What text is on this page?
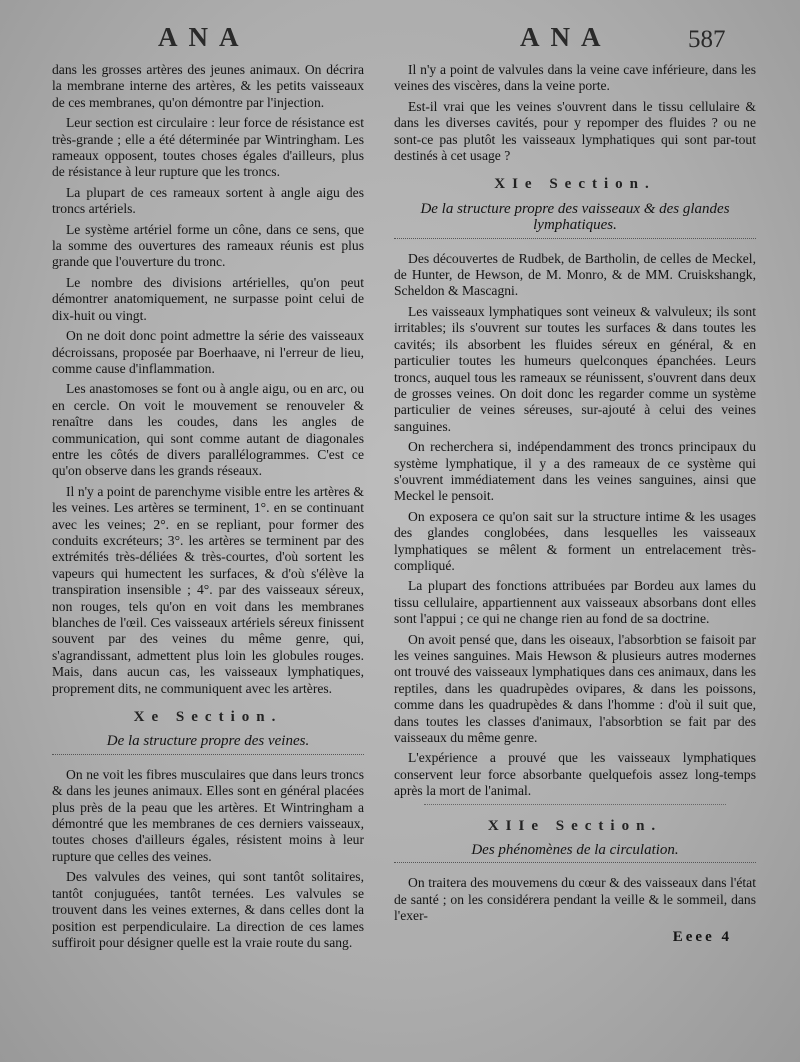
ANA	ANA	587

dans les grosses artères des jeunes animaux. On décrira la membrane interne des artères, & les petits vaisseaux de ces membranes, qu'on démontre par l'injection.

Leur section est circulaire : leur force de résistance est très-grande ; elle a été déterminée par Wintringham. Les rameaux opposent, toutes choses égales d'ailleurs, plus de résistance à leur rupture que les troncs.

La plupart de ces rameaux sortent à angle aigu des troncs artériels.

Le système artériel forme un cône, dans ce sens, que la somme des ouvertures des rameaux réunis est plus grande que l'ouverture du tronc.

Le nombre des divisions artérielles, qu'on peut démontrer anatomiquement, ne surpasse point celui de dix-huit ou vingt.

On ne doit donc point admettre la série des vaisseaux décroissans, proposée par Boerhaave, ni l'erreur de lieu, comme cause d'inflammation.

Les anastomoses se font ou à angle aigu, ou en arc, ou en cercle. On voit le mouvement se renouveler & renaître dans les coudes, dans les angles de communication, qui sont comme autant de diagonales entre les côtés de divers parallélogrammes. C'est ce qu'on observe dans les grands réseaux.

Il n'y a point de parenchyme visible entre les artères & les veines. Les artères se terminent, 1°. en se continuant avec les veines; 2°. en se repliant, pour former des conduits excréteurs; 3°. les artères se terminent par des extrémités très-déliées & très-courtes, d'où sortent les vapeurs qui humectent les surfaces, & d'où s'élève la transpiration insensible ; 4°. par des vaisseaux séreux, non rouges, tels qu'on en voit dans les membranes blanches de l'œil. Ces vaisseaux artériels séreux finissent souvent par des veines du même genre, qui, s'agrandissant, admettent plus loin les globules rouges. Mais, dans aucun cas, les vaisseaux lymphatiques, proprement dits, ne communiquent avec les artères.

Xe Section.
De la structure propre des veines.

On ne voit les fibres musculaires que dans leurs troncs & dans les jeunes animaux. Elles sont en général placées plus près de la peau que les artères. Et Wintringham a démontré que les membranes de ces derniers vaisseaux, toutes choses d'ailleurs égales, résistent moins à leur rupture que celles des veines.

Des valvules des veines, qui sont tantôt solitaires, tantôt conjuguées, tantôt ternées. Les valvules se trouvent dans les veines externes, & dans celles dont la position est perpendiculaire. La direction de ces lames suffiroit pour désigner quelle est la vraie route du sang.

Il n'y a point de valvules dans la veine cave inférieure, dans les veines des viscères, dans la veine porte.

Est-il vrai que les veines s'ouvrent dans le tissu cellulaire & dans les diverses cavités, pour y repomper des fluides ? ou ne sont-ce pas plutôt les vaisseaux lymphatiques qui sont par-tout destinés à cet usage ?

XIe Section.
De la structure propre des vaisseaux & des glandes lymphatiques.

Des découvertes de Rudbek, de Bartholin, de celles de Meckel, de Hunter, de Hewson, de M. Monro, & de MM. Cruiskshangk, Scheldon & Mascagni.

Les vaisseaux lymphatiques sont veineux & valvuleux; ils sont irritables; ils s'ouvrent sur toutes les surfaces & dans toutes les cavités; ils absorbent les fluides séreux en général, & en particulier toutes les humeurs quelconques épanchées. Leurs troncs, auquel tous les rameaux se réunissent, s'ouvrent dans deux de grosses veines. On doit donc les regarder comme un système particulier de veines séreuses, sur-ajouté à celui des veines sanguines.

On recherchera si, indépendamment des troncs principaux du système lymphatique, il y a des rameaux de ce système qui s'ouvrent immédiatement dans les veines sanguines, ainsi que Meckel le pensoit.

On exposera ce qu'on sait sur la structure intime & les usages des glandes conglobées, dans lesquelles les vaisseaux lymphatiques se mêlent & forment un entrelacement très-compliqué.

La plupart des fonctions attribuées par Bordeu aux lames du tissu cellulaire, appartiennent aux vaisseaux absorbans dont elles sont l'appui ; ce qui ne change rien au fond de sa doctrine.

On avoit pensé que, dans les oiseaux, l'absorbtion se faisoit par les veines sanguines. Mais Hewson & plusieurs autres modernes ont trouvé des vaisseaux lymphatiques dans ces animaux, dans les reptiles, dans les quadrupèdes ovipares, & dans les poissons, comme dans les quadrupèdes & dans l'homme : d'où il suit que, dans toutes les classes d'animaux, l'absorbtion se fait par des vaisseaux du même genre.

L'expérience a prouvé que les vaisseaux lymphatiques conservent leur force absorbante quelquefois assez long-temps après la mort de l'animal.

XIIe Section.
Des phénomènes de la circulation.

On traitera des mouvemens du cœur & des vaisseaux dans l'état de santé ; on les considérera pendant la veille & le sommeil, dans l'exer-

Eeee 4
